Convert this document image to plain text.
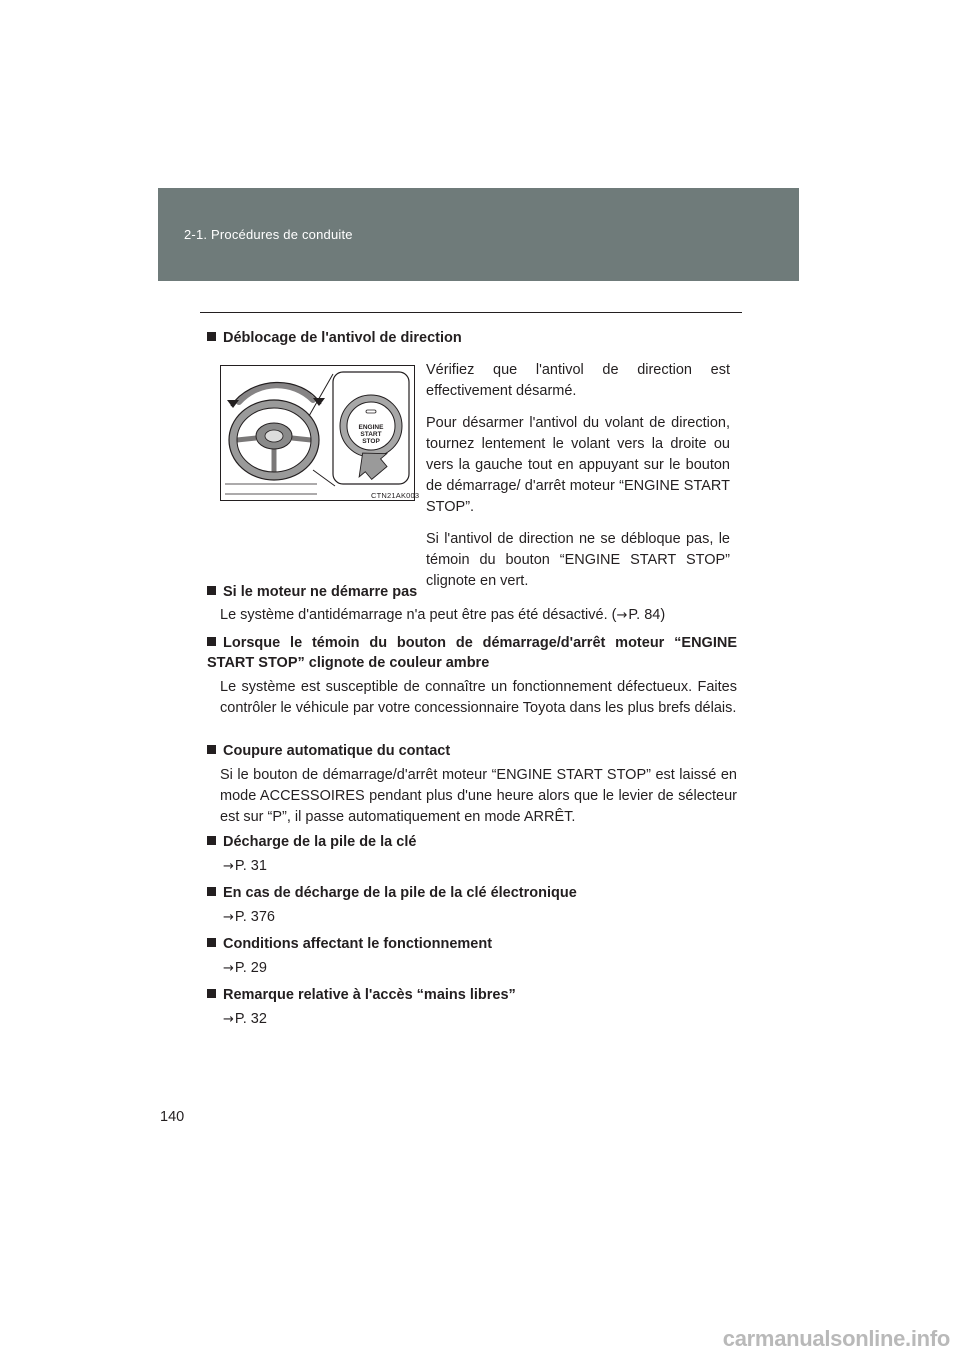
2-1. Procédures de conduite
Déblocage de l'antivol de direction
ENGINE
START
STOP
CTN21AK003

Vérifiez que l'antivol de direction est effectivement désarmé.

Pour désarmer l'antivol du volant de direction, tournez lentement le volant vers la droite ou vers la gauche tout en appuyant sur le bouton de démarrage/ d'arrêt moteur “ENGINE START STOP”.

Si l'antivol de direction ne se débloque pas, le témoin du bouton “ENGINE START STOP” clignote en vert.

Si le moteur ne démarre pas
Le système d'antidémarrage n'a peut être pas été désactivé. (→P. 84)
Lorsque le témoin du bouton de démarrage/d'arrêt moteur “ENGINE START STOP” clignote de couleur ambre
Le système est susceptible de connaître un fonctionnement défectueux. Faites contrôler le véhicule par votre concessionnaire Toyota dans les plus brefs délais.
Coupure automatique du contact
Si le bouton de démarrage/d'arrêt moteur “ENGINE START STOP” est laissé en mode ACCESSOIRES pendant plus d'une heure alors que le levier de sélecteur est sur “P”, il passe automatiquement en mode ARRÊT.
Décharge de la pile de la clé
→P. 31
En cas de décharge de la pile de la clé électronique
→P. 376
Conditions affectant le fonctionnement
→P. 29
Remarque relative à l'accès “mains libres”
→P. 32
140
carmanualsonline.info
